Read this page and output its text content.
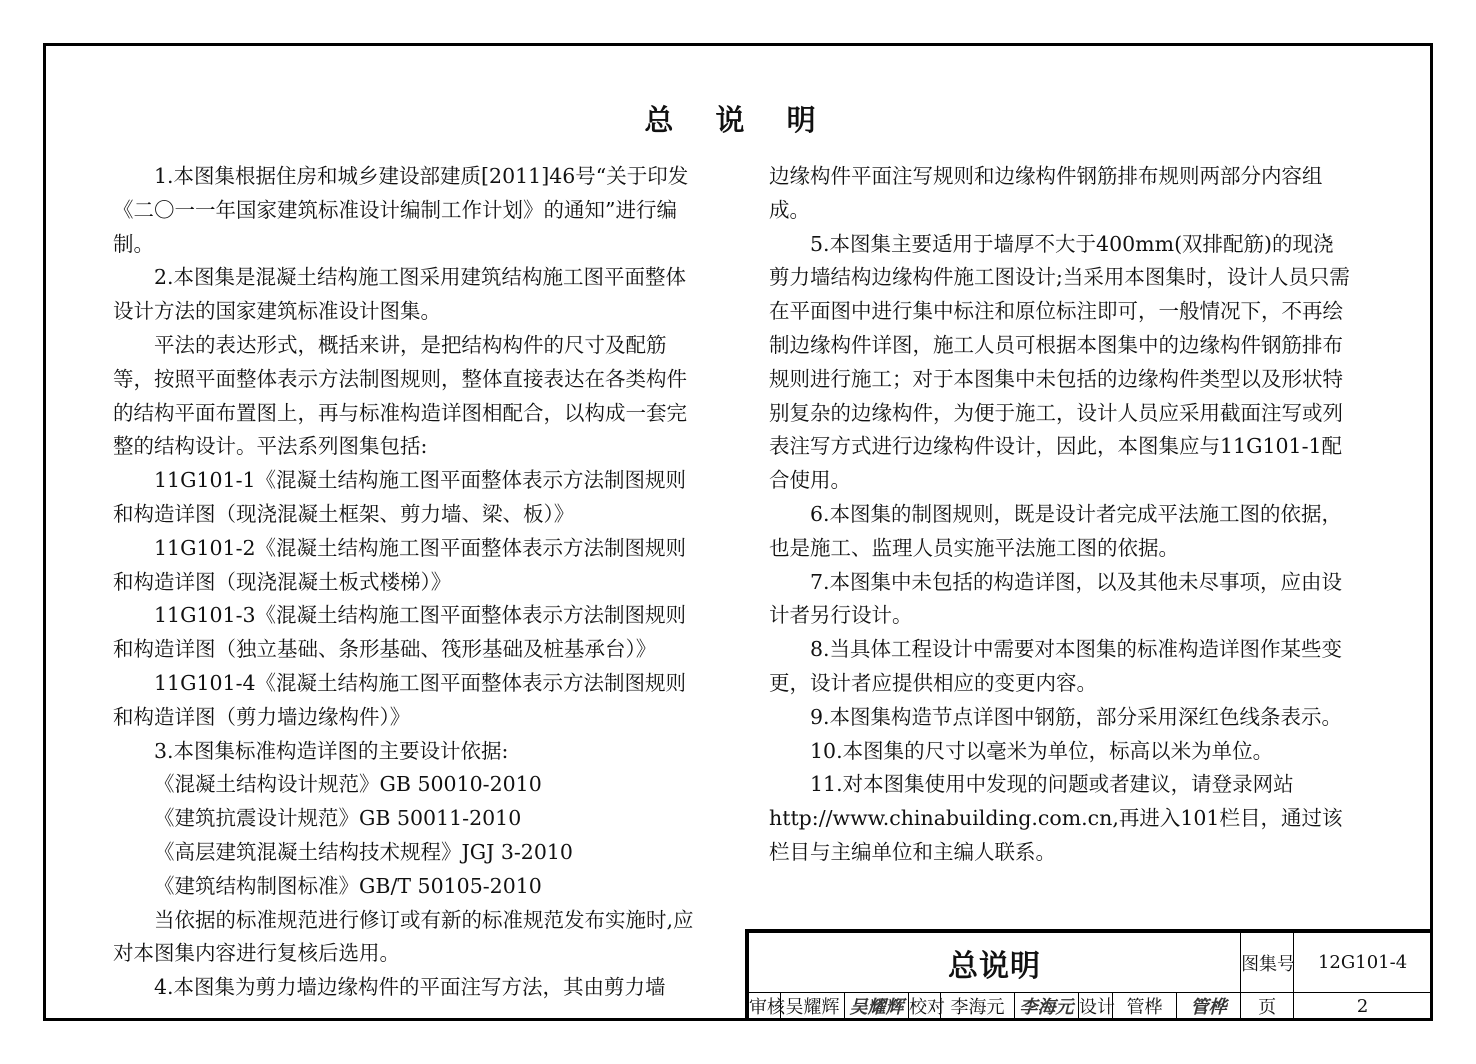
总 说 明

1.本图集根据住房和城乡建设部建质[2011]46号“关于印发《二〇一一年国家建筑标准设计编制工作计划》的通知”进行编制。

2.本图集是混凝土结构施工图采用建筑结构施工图平面整体设计方法的国家建筑标准设计图集。

平法的表达形式，概括来讲，是把结构构件的尺寸及配筋等，按照平面整体表示方法制图规则，整体直接表达在各类构件的结构平面布置图上，再与标准构造详图相配合，以构成一套完整的结构设计。平法系列图集包括:

11G101-1《混凝土结构施工图平面整体表示方法制图规则和构造详图（现浇混凝土框架、剪力墙、梁、板）》

11G101-2《混凝土结构施工图平面整体表示方法制图规则和构造详图（现浇混凝土板式楼梯）》

11G101-3《混凝土结构施工图平面整体表示方法制图规则和构造详图（独立基础、条形基础、筏形基础及桩基承台）》

11G101-4《混凝土结构施工图平面整体表示方法制图规则和构造详图（剪力墙边缘构件）》

3.本图集标准构造详图的主要设计依据:

《混凝土结构设计规范》GB 50010-2010

《建筑抗震设计规范》GB 50011-2010

《高层建筑混凝土结构技术规程》JGJ 3-2010

《建筑结构制图标准》GB/T 50105-2010

当依据的标准规范进行修订或有新的标准规范发布实施时,应对本图集内容进行复核后选用。

4.本图集为剪力墙边缘构件的平面注写方法，其由剪力墙

边缘构件平面注写规则和边缘构件钢筋排布规则两部分内容组成。

5.本图集主要适用于墙厚不大于400mm(双排配筋)的现浇剪力墙结构边缘构件施工图设计;当采用本图集时，设计人员只需在平面图中进行集中标注和原位标注即可，一般情况下，不再绘制边缘构件详图，施工人员可根据本图集中的边缘构件钢筋排布规则进行施工；对于本图集中未包括的边缘构件类型以及形状特别复杂的边缘构件，为便于施工，设计人员应采用截面注写或列表注写方式进行边缘构件设计，因此，本图集应与11G101-1配合使用。

6.本图集的制图规则，既是设计者完成平法施工图的依据，也是施工、监理人员实施平法施工图的依据。

7.本图集中未包括的构造详图，以及其他未尽事项，应由设计者另行设计。

8.当具体工程设计中需要对本图集的标准构造详图作某些变更，设计者应提供相应的变更内容。

9.本图集构造节点详图中钢筋，部分采用深红色线条表示。

10.本图集的尺寸以毫米为单位，标高以米为单位。

11.对本图集使用中发现的问题或者建议，请登录网站http://www.chinabuilding.com.cn,再进入101栏目，通过该栏目与主编单位和主编人联系。

总说明									图集号	12G101-4
审核	吴耀辉	吴耀辉	校对	李海元	李海元	设计	管桦	管桦	页	2
